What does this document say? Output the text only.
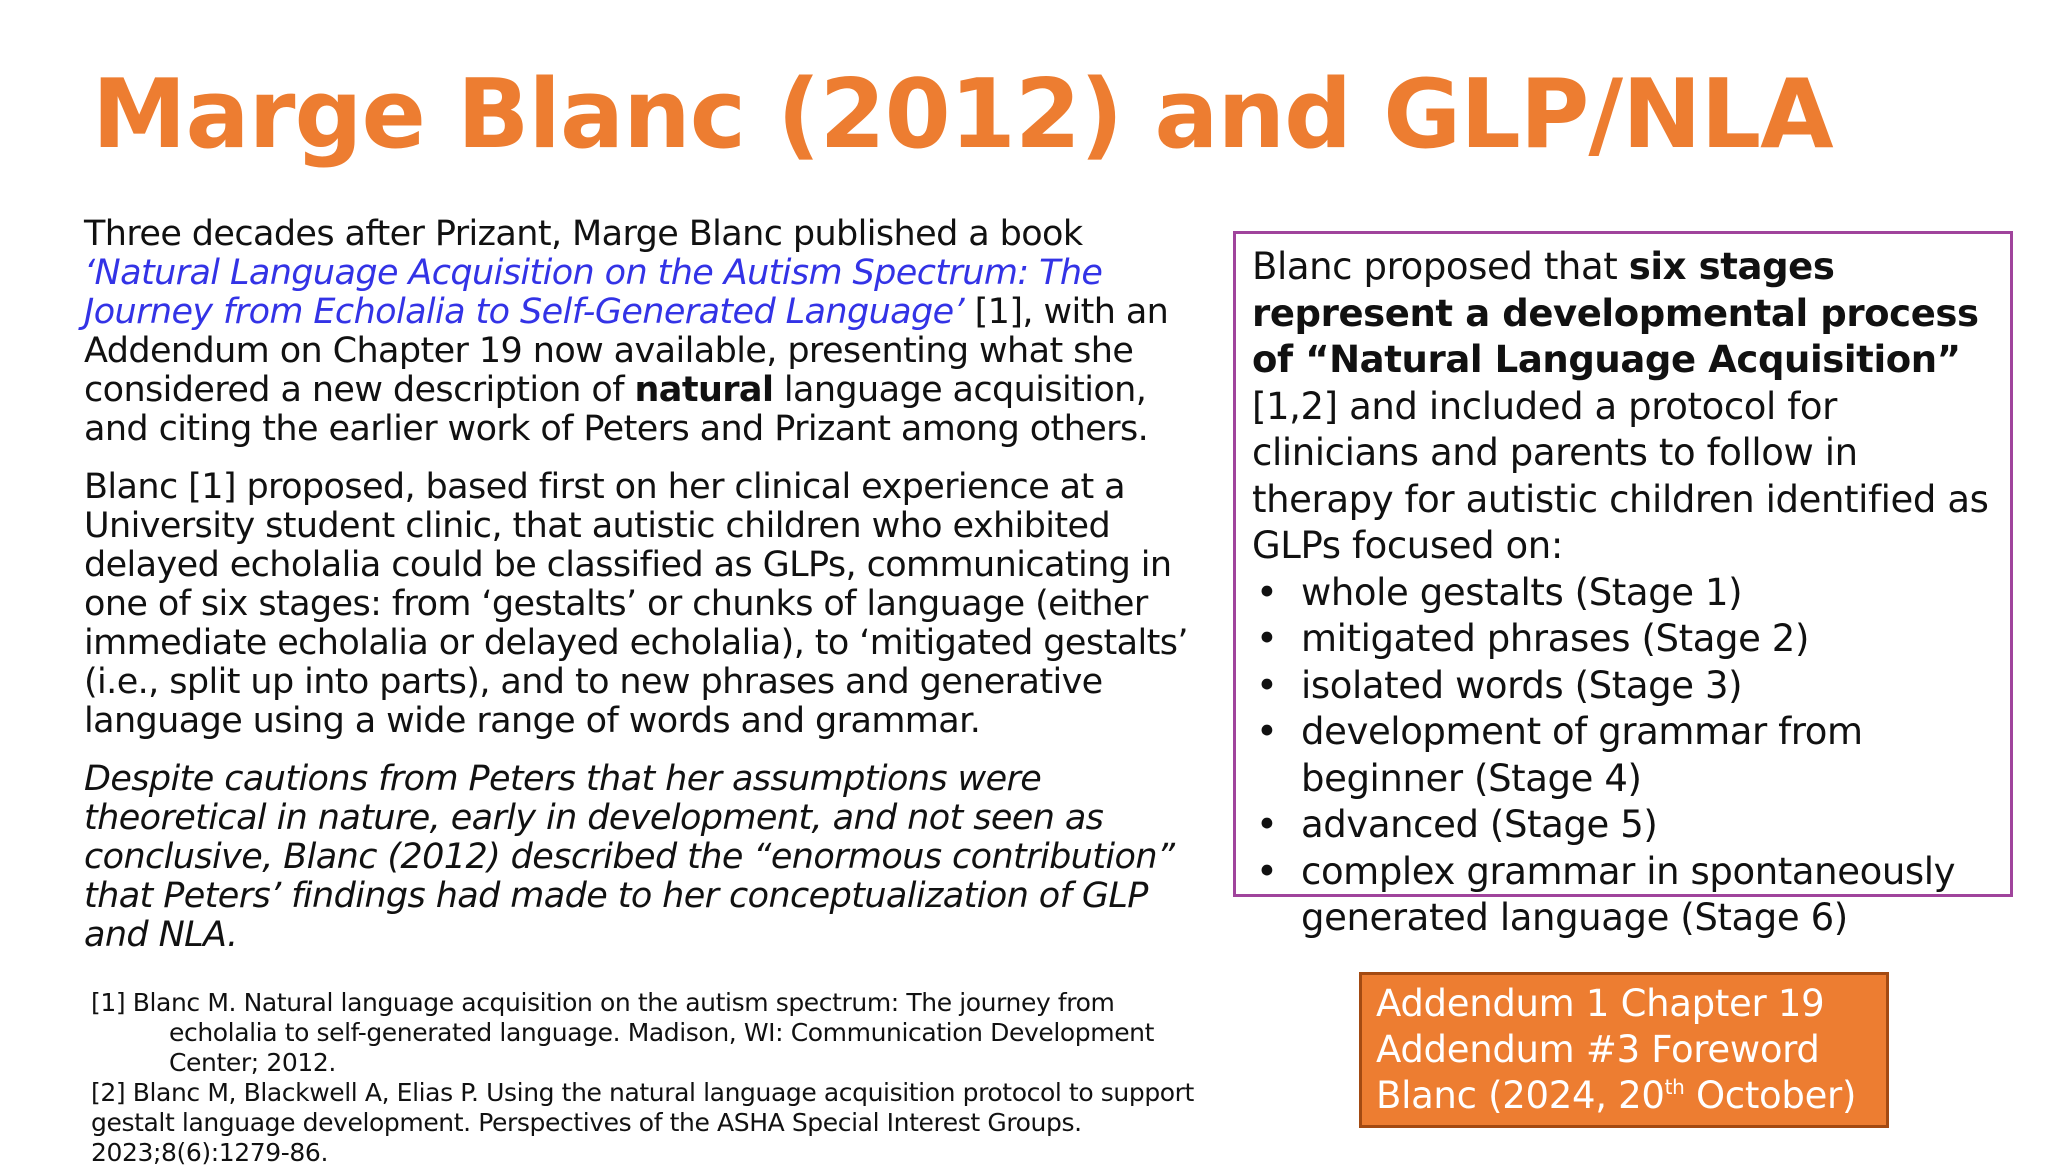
Marge Blanc (2012) and GLP/NLA

Three decades after Prizant, Marge Blanc published a book ‘Natural Language Acquisition on the Autism Spectrum: The Journey from Echolalia to Self-Generated Language’ [1], with an Addendum on Chapter 19 now available, presenting what she considered a new description of natural language acquisition, and citing the earlier work of Peters and Prizant among others.

Blanc [1] proposed, based first on her clinical experience at a University student clinic, that autistic children who exhibited delayed echolalia could be classified as GLPs, communicating in one of six stages: from ‘gestalts’ or chunks of language (either immediate echolalia or delayed echolalia), to ‘mitigated gestalts’ (i.e., split up into parts), and to new phrases and generative language using a wide range of words and grammar.

Despite cautions from Peters that her assumptions were theoretical in nature, early in development, and not seen as conclusive, Blanc (2012) described the “enormous contribution” that Peters’ findings had made to her conceptualization of GLP and NLA.

Blanc proposed that six stages represent a developmental process of “Natural Language Acquisition” [1,2] and included a protocol for clinicians and parents to follow in therapy for autistic children identified as GLPs focused on:
• whole gestalts (Stage 1)
• mitigated phrases (Stage 2)
• isolated words (Stage 3)
• development of grammar from beginner (Stage 4)
• advanced (Stage 5)
• complex grammar in spontaneously generated language (Stage 6)

[1] Blanc M. Natural language acquisition on the autism spectrum: The journey from echolalia to self-generated language. Madison, WI: Communication Development Center; 2012.

[2] Blanc M, Blackwell A, Elias P. Using the natural language acquisition protocol to support gestalt language development. Perspectives of the ASHA Special Interest Groups. 2023;8(6):1279-86.

Addendum 1 Chapter 19
Addendum #3 Foreword
Blanc (2024, 20th October)
